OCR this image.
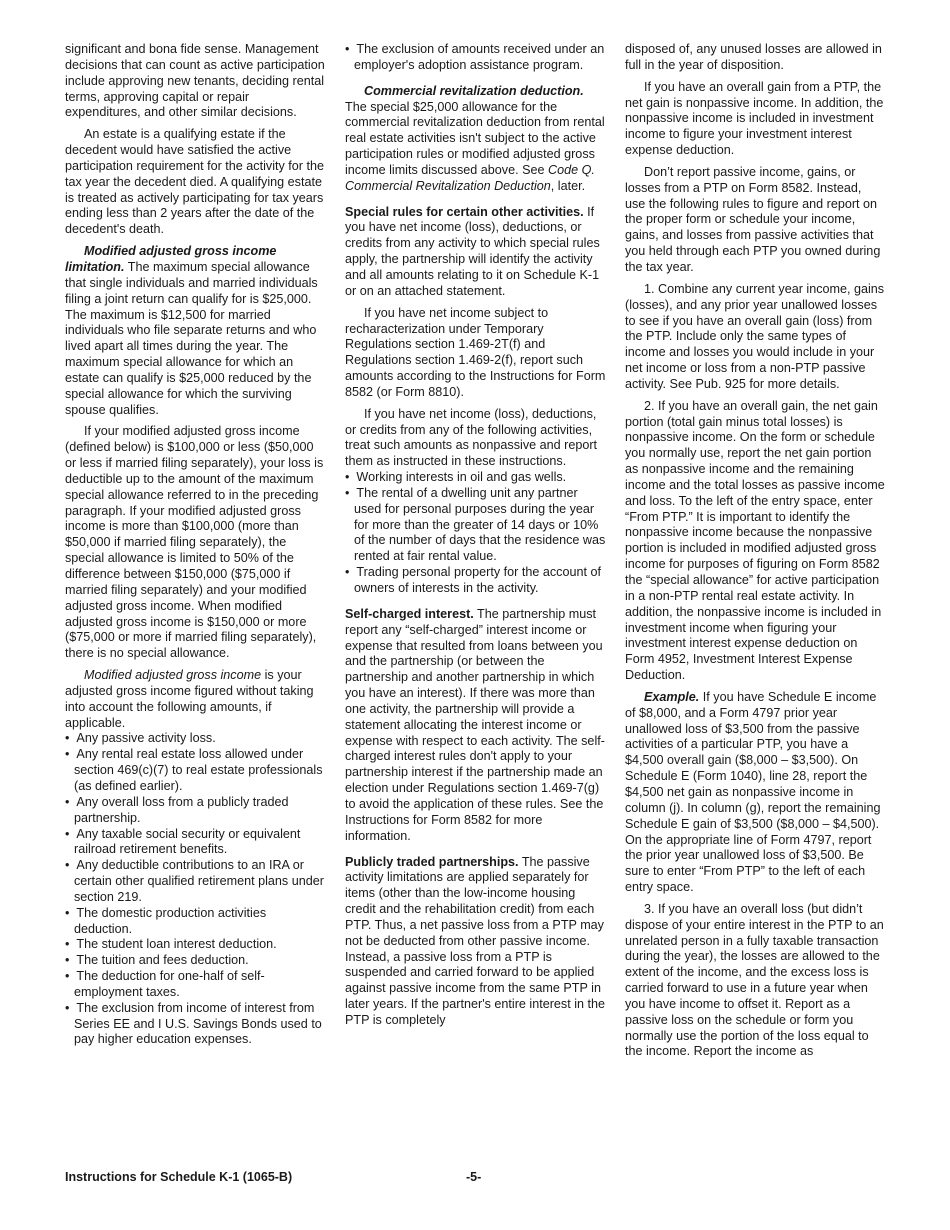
significant and bona fide sense. Management decisions that can count as active participation include approving new tenants, deciding rental terms, approving capital or repair expenditures, and other similar decisions.

An estate is a qualifying estate if the decedent would have satisfied the active participation requirement for the activity for the tax year the decedent died. A qualifying estate is treated as actively participating for tax years ending less than 2 years after the date of the decedent's death.

Modified adjusted gross income limitation. The maximum special allowance that single individuals and married individuals filing a joint return can qualify for is $25,000. The maximum is $12,500 for married individuals who file separate returns and who lived apart all times during the year. The maximum special allowance for which an estate can qualify is $25,000 reduced by the special allowance for which the surviving spouse qualifies.

If your modified adjusted gross income (defined below) is $100,000 or less ($50,000 or less if married filing separately), your loss is deductible up to the amount of the maximum special allowance referred to in the preceding paragraph. If your modified adjusted gross income is more than $100,000 (more than $50,000 if married filing separately), the special allowance is limited to 50% of the difference between $150,000 ($75,000 if married filing separately) and your modified adjusted gross income. When modified adjusted gross income is $150,000 or more ($75,000 or more if married filing separately), there is no special allowance.

Modified adjusted gross income is your adjusted gross income figured without taking into account the following amounts, if applicable.

•  Any passive activity loss.

•  Any rental real estate loss allowed under section 469(c)(7) to real estate professionals (as defined earlier).

•  Any overall loss from a publicly traded partnership.

•  Any taxable social security or equivalent railroad retirement benefits.

•  Any deductible contributions to an IRA or certain other qualified retirement plans under section 219.

•  The domestic production activities deduction.

•  The student loan interest deduction.

•  The tuition and fees deduction.

•  The deduction for one-half of self-employment taxes.

•  The exclusion from income of interest from Series EE and I U.S. Savings Bonds used to pay higher education expenses.

•  The exclusion of amounts received under an employer's adoption assistance program.

Commercial revitalization deduction. The special $25,000 allowance for the commercial revitalization deduction from rental real estate activities isn't subject to the active participation rules or modified adjusted gross income limits discussed above. See Code Q. Commercial Revitalization Deduction, later.

Special rules for certain other activities. If you have net income (loss), deductions, or credits from any activity to which special rules apply, the partnership will identify the activity and all amounts relating to it on Schedule K-1 or on an attached statement.

If you have net income subject to recharacterization under Temporary Regulations section 1.469-2T(f) and Regulations section 1.469-2(f), report such amounts according to the Instructions for Form 8582 (or Form 8810).

If you have net income (loss), deductions, or credits from any of the following activities, treat such amounts as nonpassive and report them as instructed in these instructions.

•  Working interests in oil and gas wells.

•  The rental of a dwelling unit any partner used for personal purposes during the year for more than the greater of 14 days or 10% of the number of days that the residence was rented at fair rental value.

•  Trading personal property for the account of owners of interests in the activity.

Self-charged interest. The partnership must report any “self-charged” interest income or expense that resulted from loans between you and the partnership (or between the partnership and another partnership in which you have an interest). If there was more than one activity, the partnership will provide a statement allocating the interest income or expense with respect to each activity. The self-charged interest rules don't apply to your partnership interest if the partnership made an election under Regulations section 1.469-7(g) to avoid the application of these rules. See the Instructions for Form 8582 for more information.

Publicly traded partnerships. The passive activity limitations are applied separately for items (other than the low-income housing credit and the rehabilitation credit) from each PTP. Thus, a net passive loss from a PTP may not be deducted from other passive income. Instead, a passive loss from a PTP is suspended and carried forward to be applied against passive income from the same PTP in later years. If the partner's entire interest in the PTP is completely

disposed of, any unused losses are allowed in full in the year of disposition.

If you have an overall gain from a PTP, the net gain is nonpassive income. In addition, the nonpassive income is included in investment income to figure your investment interest expense deduction.

Don’t report passive income, gains, or losses from a PTP on Form 8582. Instead, use the following rules to figure and report on the proper form or schedule your income, gains, and losses from passive activities that you held through each PTP you owned during the tax year.

1. Combine any current year income, gains (losses), and any prior year unallowed losses to see if you have an overall gain (loss) from the PTP. Include only the same types of income and losses you would include in your net income or loss from a non-PTP passive activity. See Pub. 925 for more details.

2. If you have an overall gain, the net gain portion (total gain minus total losses) is nonpassive income. On the form or schedule you normally use, report the net gain portion as nonpassive income and the remaining income and the total losses as passive income and loss. To the left of the entry space, enter “From PTP.” It is important to identify the nonpassive income because the nonpassive portion is included in modified adjusted gross income for purposes of figuring on Form 8582 the “special allowance” for active participation in a non-PTP rental real estate activity. In addition, the nonpassive income is included in investment income when figuring your investment interest expense deduction on Form 4952, Investment Interest Expense Deduction.

Example. If you have Schedule E income of $8,000, and a Form 4797 prior year unallowed loss of $3,500 from the passive activities of a particular PTP, you have a $4,500 overall gain ($8,000 – $3,500). On Schedule E (Form 1040), line 28, report the $4,500 net gain as nonpassive income in column (j). In column (g), report the remaining Schedule E gain of $3,500 ($8,000 – $4,500). On the appropriate line of Form 4797, report the prior year unallowed loss of $3,500. Be sure to enter “From PTP” to the left of each entry space.

3. If you have an overall loss (but didn’t dispose of your entire interest in the PTP to an unrelated person in a fully taxable transaction during the year), the losses are allowed to the extent of the income, and the excess loss is carried forward to use in a future year when you have income to offset it. Report as a passive loss on the schedule or form you normally use the portion of the loss equal to the income. Report the income as

Instructions for Schedule K-1 (1065-B)	-5-
